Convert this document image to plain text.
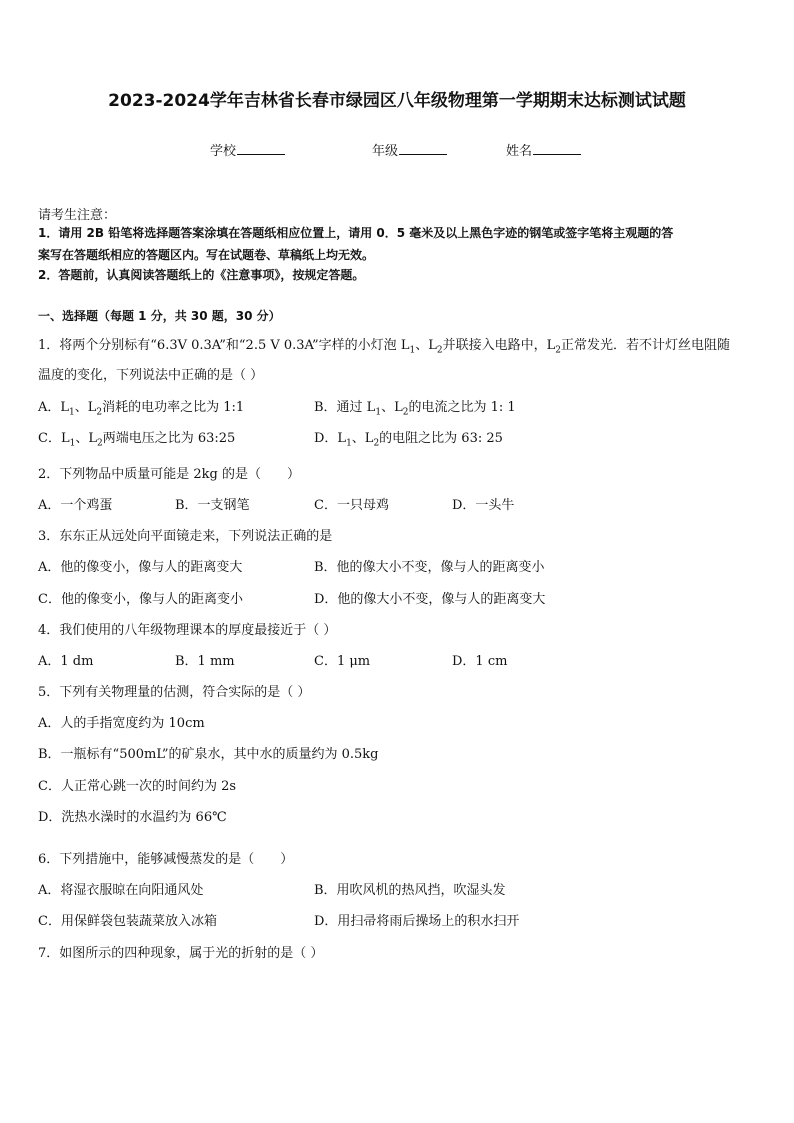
2023-2024学年吉林省长春市绿园区八年级物理第一学期期末达标测试试题
学校	年级	姓名
请考生注意：
1．请用 2B 铅笔将选择题答案涂填在答题纸相应位置上，请用 0．5 毫米及以上黑色字迹的钢笔或签字笔将主观题的答
案写在答题纸相应的答题区内。写在试题卷、草稿纸上均无效。
2．答题前，认真阅读答题纸上的《注意事项》，按规定答题。
一、选择题（每题 1 分，共 30 题，30 分）
1．将两个分别标有“6.3V 0.3A”和“2.5 V 0.3A”字样的小灯泡 $L_1$、$L_2$并联接入电路中，$L_2$正常发光．若不计灯丝电阻随
温度的变化，下列说法中正确的是（ ）
A．$L_1$、$L_2$消耗的电功率之比为 1:1	B．通过 $L_1$、$L_2$的电流之比为 1: 1
C．$L_1$、$L_2$两端电压之比为 63:25	D．$L_1$、$L_2$的电阻之比为 63: 25
2．下列物品中质量可能是 2kg 的是（　　）
A．一个鸡蛋	B．一支钢笔	C．一只母鸡	D．一头牛
3．东东正从远处向平面镜走来，下列说法正确的是
A．他的像变小，像与人的距离变大	B．他的像大小不变，像与人的距离变小
C．他的像变小，像与人的距离变小	D．他的像大小不变，像与人的距离变大
4．我们使用的八年级物理课本的厚度最接近于（ ）
A．1 dm	B．1 mm	C．1 μm	D．1 cm
5．下列有关物理量的估测，符合实际的是（ ）
A．人的手指宽度约为 10cm
B．一瓶标有“500mL”的矿泉水，其中水的质量约为 0.5kg
C．人正常心跳一次的时间约为 2s
D．洗热水澡时的水温约为 66℃
6．下列措施中，能够减慢蒸发的是（　　）
A．将湿衣服晾在向阳通风处	B．用吹风机的热风挡，吹湿头发
C．用保鲜袋包装蔬菜放入冰箱	D．用扫帚将雨后操场上的积水扫开
7．如图所示的四种现象，属于光的折射的是（ ）
